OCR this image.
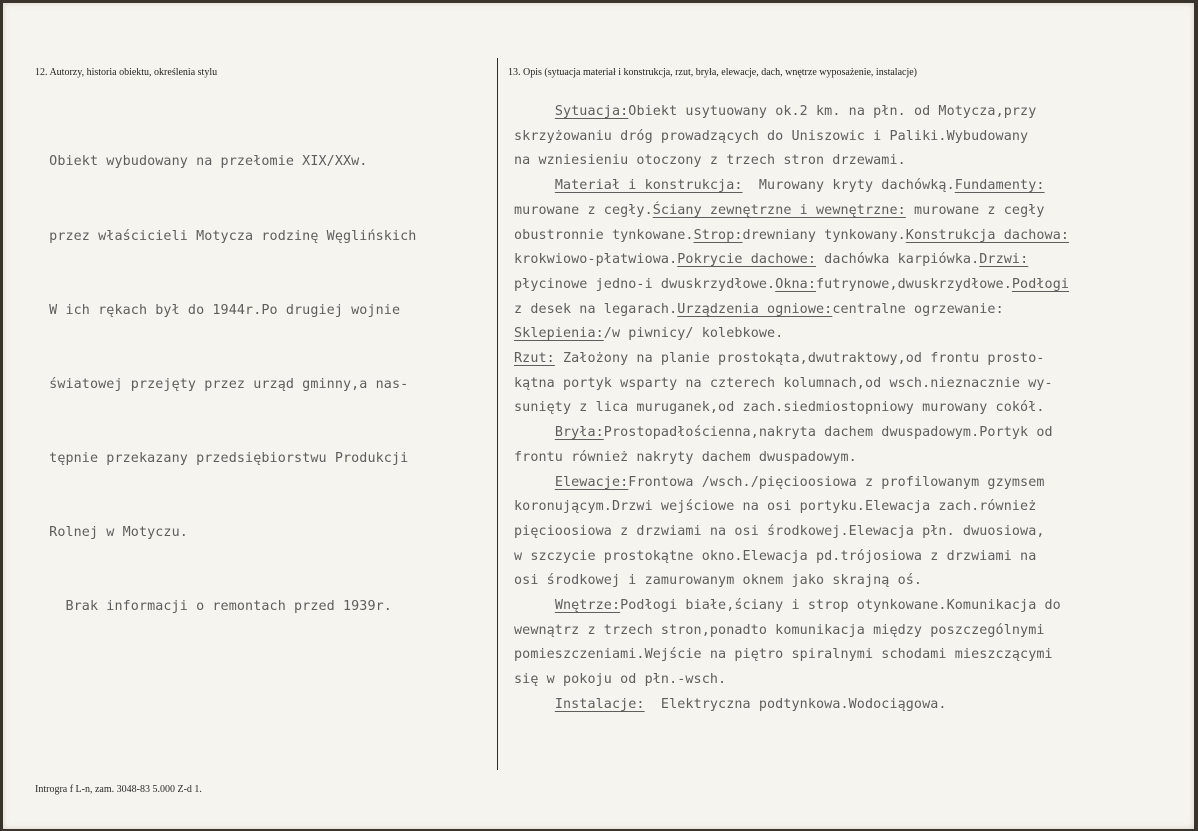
12. Autorzy, historia obiektu, określenia stylu	13. Opis (sytuacja materiał i konstrukcja, rzut, bryła, elewacje, dach, wnętrze wyposażenie, instalacje)

Obiekt wybudowany na przełomie XIX/XXw.

przez właścicieli Motycza rodzinę Węglińskich

W ich rękach był do 1944r.Po drugiej wojnie

światowej przejęty przez urząd gminny,a nas-

tępnie przekazany przedsiębiorstwu Produkcji

Rolnej w Motyczu.

Brak informacji o remontach przed 1939r.

Sytuacja:Obiekt usytuowany ok.2 km. na płn. od Motycza,przy
skrzyżowaniu dróg prowadzących do Uniszowic i Paliki.Wybudowany
na wzniesieniu otoczony z trzech stron drzewami.
Materiał i konstrukcja:  Murowany kryty dachówką.Fundamenty:
murowane z cegły.Ściany zewnętrzne i wewnętrzne: murowane z cegły
obustronnie tynkowane.Strop:drewniany tynkowany.Konstrukcja dachowa:
krokwiowo-płatwiowa.Pokrycie dachowe: dachówka karpiówka.Drzwi:
płycinowe jedno-i dwuskrzydłowe.Okna:futrynowe,dwuskrzydłowe.Podłogi
z desek na legarach.Urządzenia ogniowe:centralne ogrzewanie:
Sklepienia:/w piwnicy/ kolebkowe.
Rzut: Założony na planie prostokąta,dwutraktowy,od frontu prosto-
kątna portyk wsparty na czterech kolumnach,od wsch.nieznacznie wy-
sunięty z lica muruganek,od zach.siedmiostopniowy murowany cokół.
Bryła:Prostopadłościenna,nakryta dachem dwuspadowym.Portyk od
frontu również nakryty dachem dwuspadowym.
Elewacje:Frontowa /wsch./pięcioosiowa z profilowanym gzymsem
koronującym.Drzwi wejściowe na osi portyku.Elewacja zach.również
pięcioosiowa z drzwiami na osi środkowej.Elewacja płn. dwuosiowa,
w szczycie prostokątne okno.Elewacja pd.trójosiowa z drzwiami na
osi środkowej i zamurowanym oknem jako skrajną oś.
Wnętrze:Podłogi białe,ściany i strop otynkowane.Komunikacja do
wewnątrz z trzech stron,ponadto komunikacja między poszczególnymi
pomieszczeniami.Wejście na piętro spiralnymi schodami mieszczącymi
się w pokoju od płn.-wsch.
Instalacje:  Elektryczna podtynkowa.Wodociągowa.
Introgra f L-n, zam. 3048-83 5.000 Z-d 1.
